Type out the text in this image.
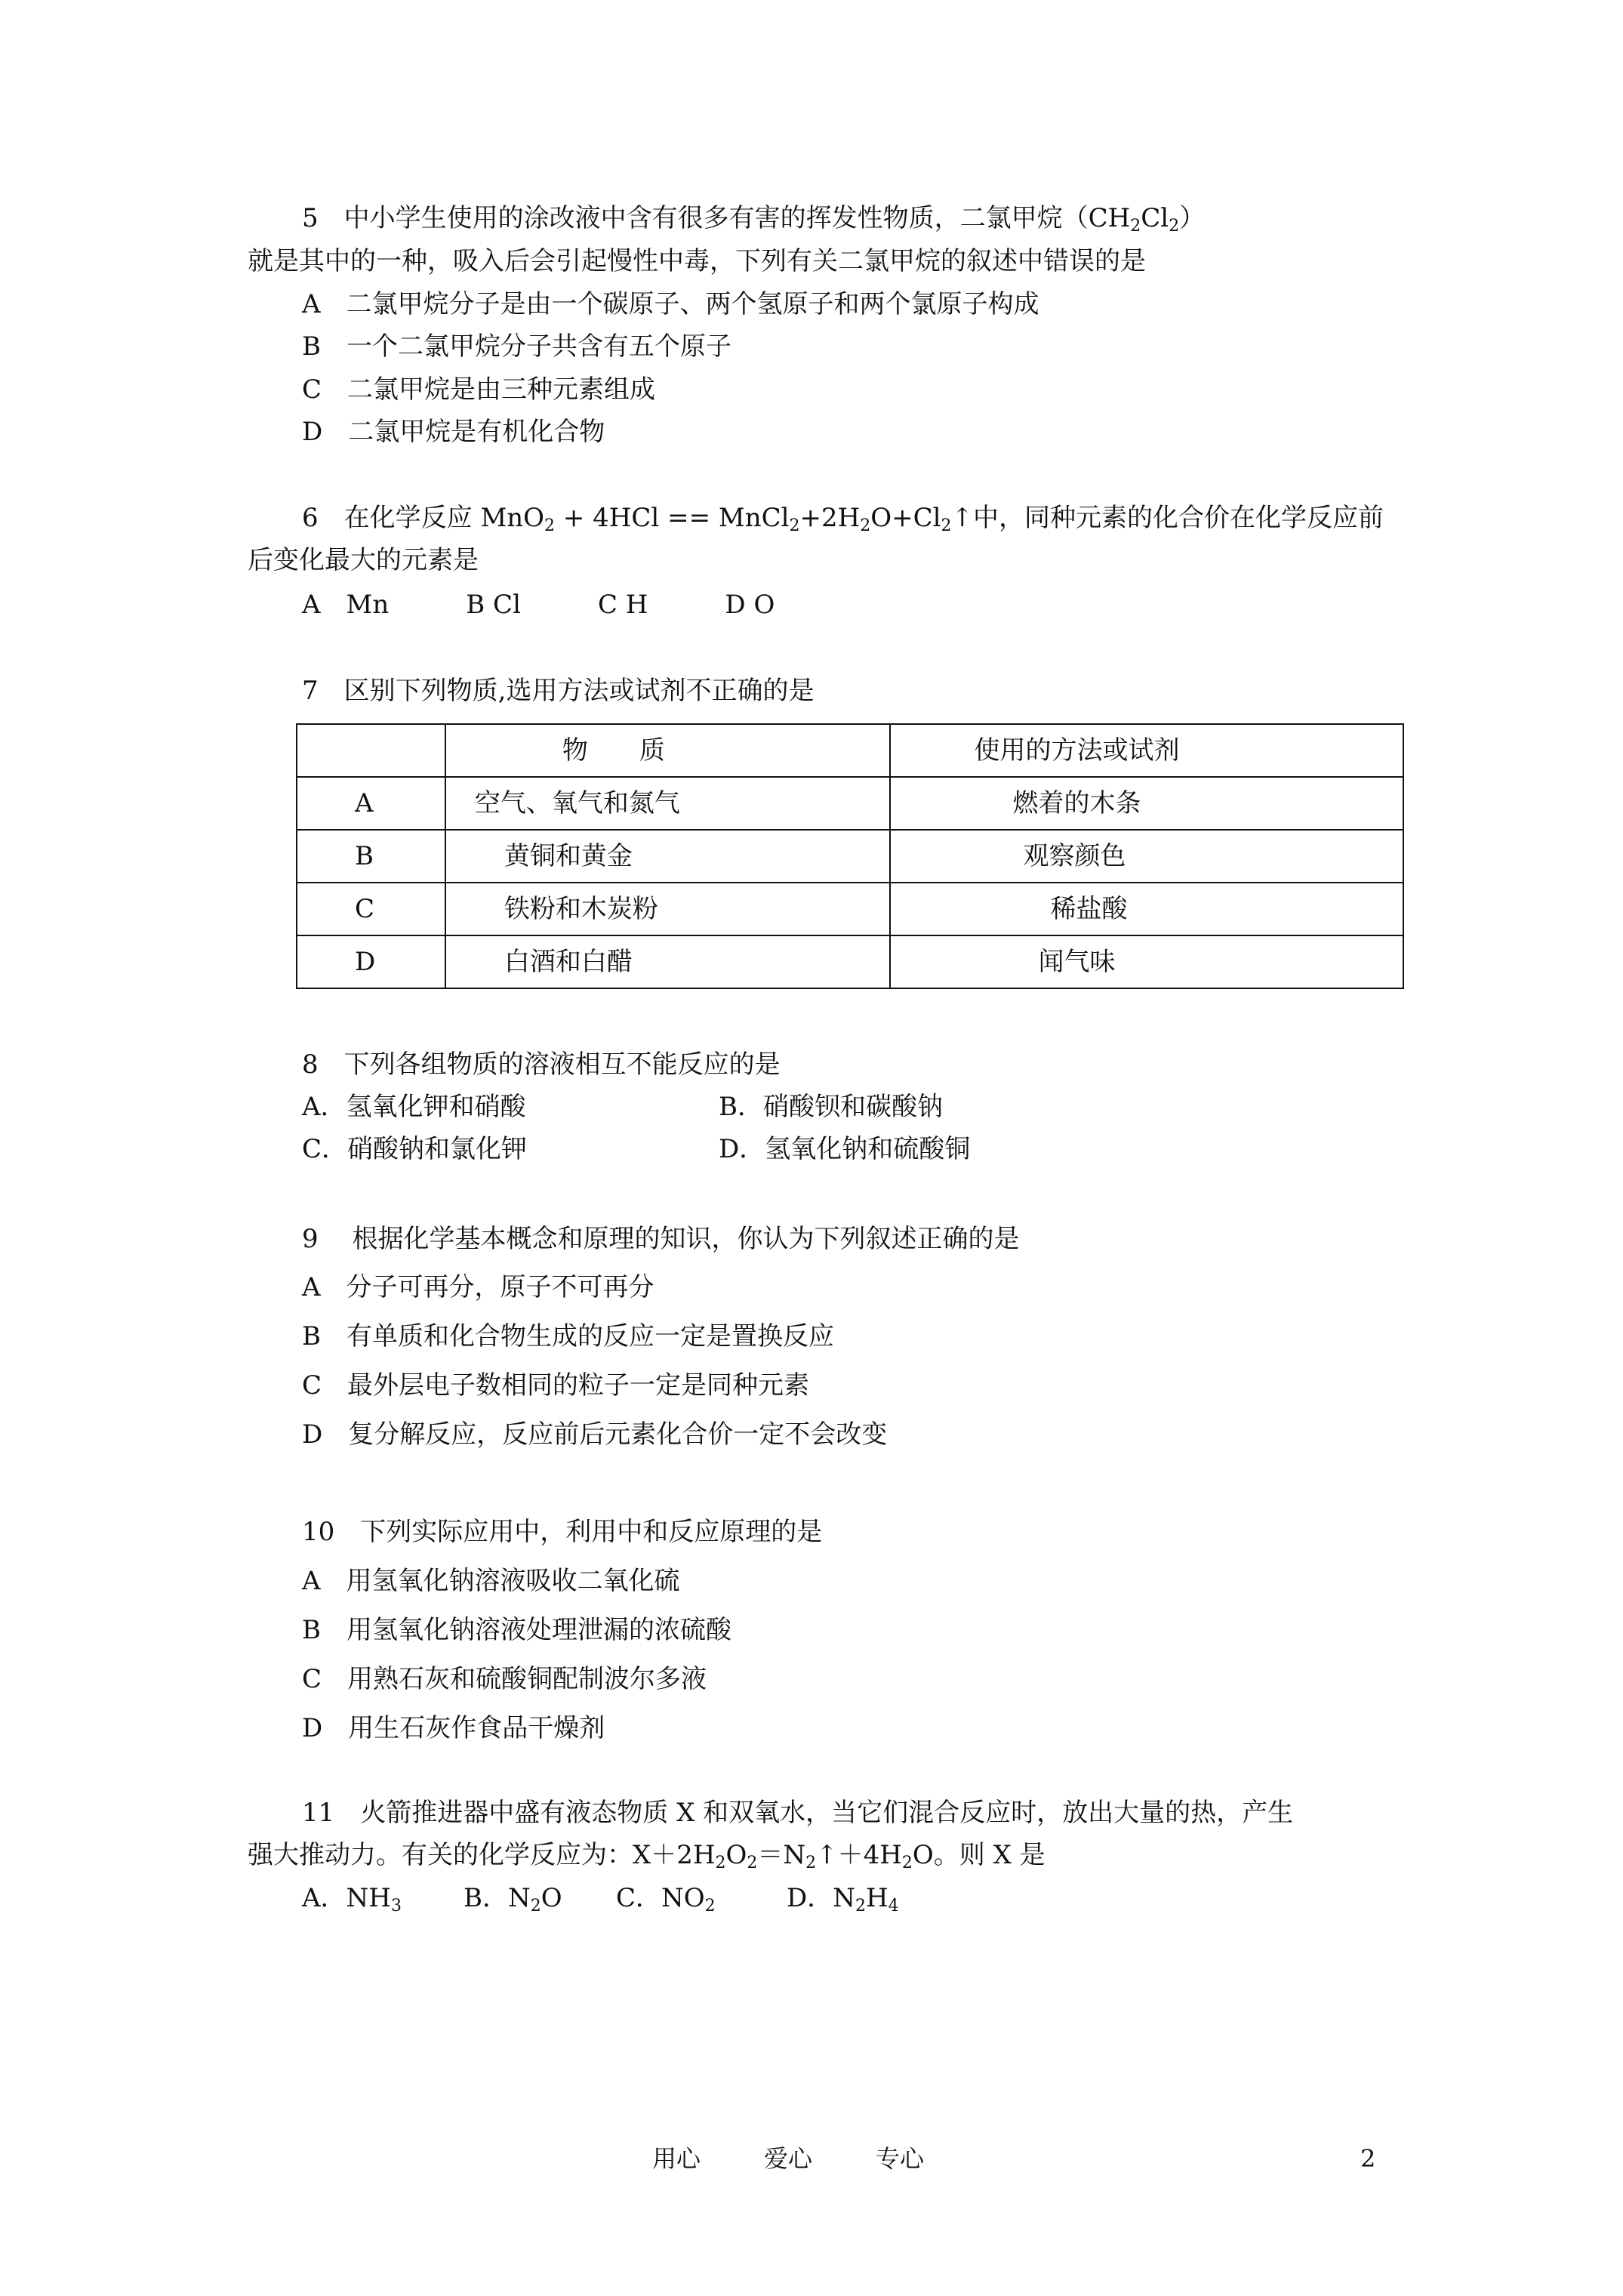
5　中小学生使用的涂改液中含有很多有害的挥发性物质，二氯甲烷$(CH_2Cl_2)$
就是其中的一种，吸入后会引起慢性中毒，下列有关二氯甲烷的叙述中错误的是
A　二氯甲烷分子是由一个碳原子、两个氢原子和两个氯原子构成
B　一个二氯甲烷分子共含有五个原子
C　二氯甲烷是由三种元素组成
D　二氯甲烷是有机化合物
6　在化学反应 $MnO_2 + 4HCl == MnCl_2+2H_2O+Cl_2↑$中，同种元素的化合价在化学反应前
后变化最大的元素是
A　Mn　　　B Cl　　　C H　　　D O
7　区别下列物质,选用方法或试剂不正确的是
	物　　质	使用的方法或试剂
A	空气、氧气和氮气	燃着的木条
B	黄铜和黄金	观察颜色
C	铁粉和木炭粉	稀盐酸
D	白酒和白醋	闻气味
8　下列各组物质的溶液相互不能反应的是
A．氢氧化钾和硝酸	B．硝酸钡和碳酸钠
C．硝酸钠和氯化钾	D．氢氧化钠和硫酸铜
9　 根据化学基本概念和原理的知识，你认为下列叙述正确的是
A　分子可再分，原子不可再分
B　有单质和化合物生成的反应一定是置换反应
C　最外层电子数相同的粒子一定是同种元素
D　复分解反应，反应前后元素化合价一定不会改变
10　下列实际应用中，利用中和反应原理的是
A　用氢氧化钠溶液吸收二氧化硫
B　用氢氧化钠溶液处理泄漏的浓硫酸
C　用熟石灰和硫酸铜配制波尔多液
D　用生石灰作食品干燥剂
11　火箭推进器中盛有液态物质 X 和双氧水，当它们混合反应时，放出大量的热，产生
强大推动力。有关的化学反应为：$X+2H_2O_2=N_2↑+4H_2O$。则 X 是
A．$NH_3$ B．$N_2O$ C．$NO_2$	D．$N_2H_4$
用心	爱心	专心	2
